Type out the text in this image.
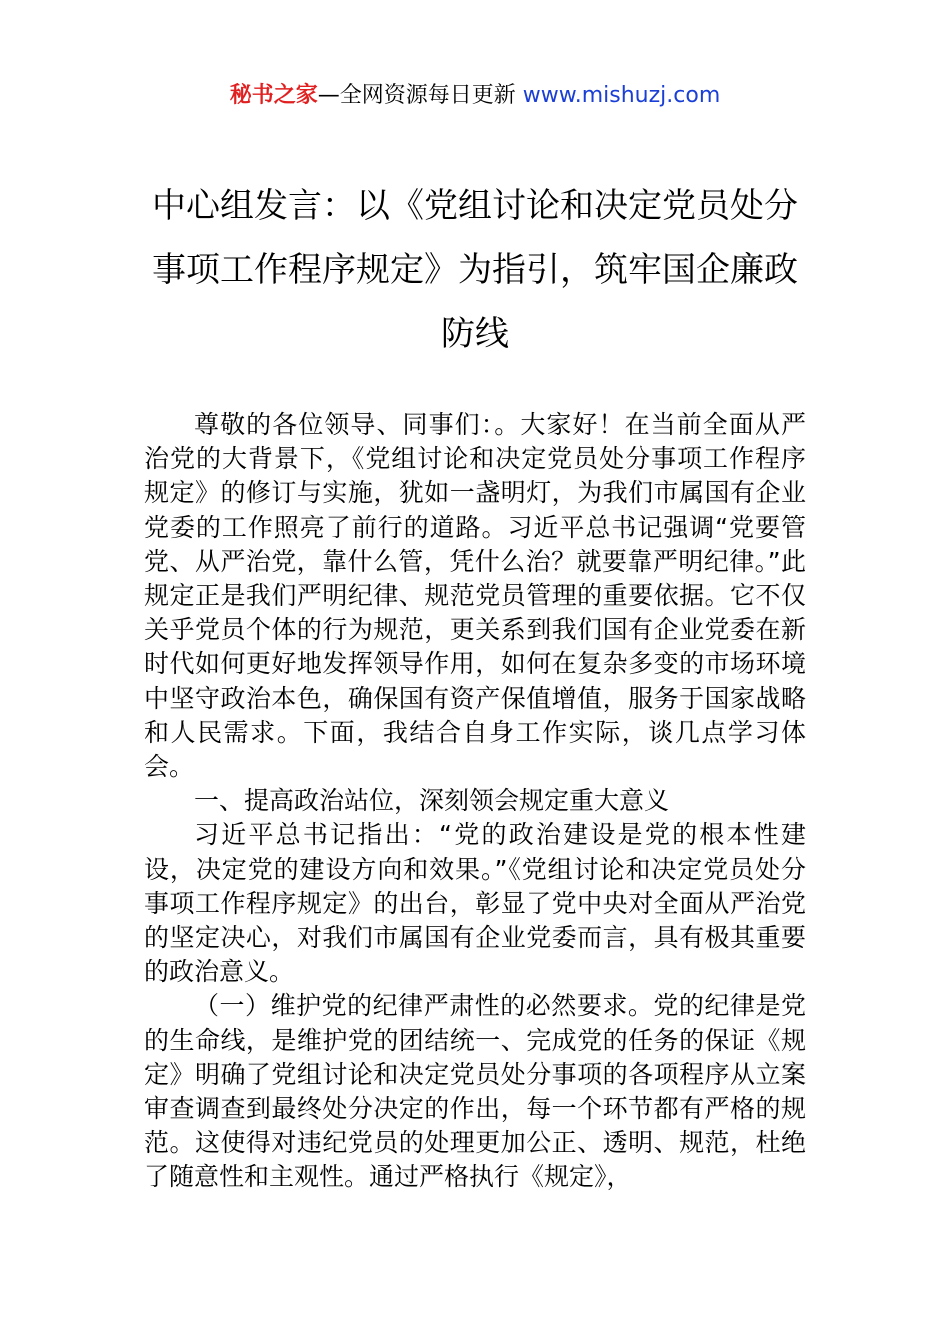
秘书之家—全网资源每日更新 www.mishuzj.com
中心组发言：以《党组讨论和决定党员处分事项工作程序规定》为指引，筑牢国企廉政防线

尊敬的各位领导、同事们：。大家好！在当前全面从严治党的大背景下，《党组讨论和决定党员处分事项工作程序规定》的修订与实施，犹如一盏明灯，为我们市属国有企业党委的工作照亮了前行的道路。习近平总书记强调“党要管党、从严治党，靠什么管，凭什么治？就要靠严明纪律。”此规定正是我们严明纪律、规范党员管理的重要依据。它不仅关乎党员个体的行为规范，更关系到我们国有企业党委在新时代如何更好地发挥领导作用，如何在复杂多变的市场环境中坚守政治本色，确保国有资产保值增值，服务于国家战略和人民需求。下面，我结合自身工作实际，谈几点学习体会。

一、提高政治站位，深刻领会规定重大意义

习近平总书记指出：“党的政治建设是党的根本性建设，决定党的建设方向和效果。”《党组讨论和决定党员处分事项工作程序规定》的出台，彰显了党中央对全面从严治党的坚定决心，对我们市属国有企业党委而言，具有极其重要的政治意义。

（一）维护党的纪律严肃性的必然要求。党的纪律是党的生命线，是维护党的团结统一、完成党的任务的保证《规定》明确了党组讨论和决定党员处分事项的各项程序从立案审查调查到最终处分决定的作出，每一个环节都有严格的规范。这使得对违纪党员的处理更加公正、透明、规范，杜绝了随意性和主观性。通过严格执行《规定》，
